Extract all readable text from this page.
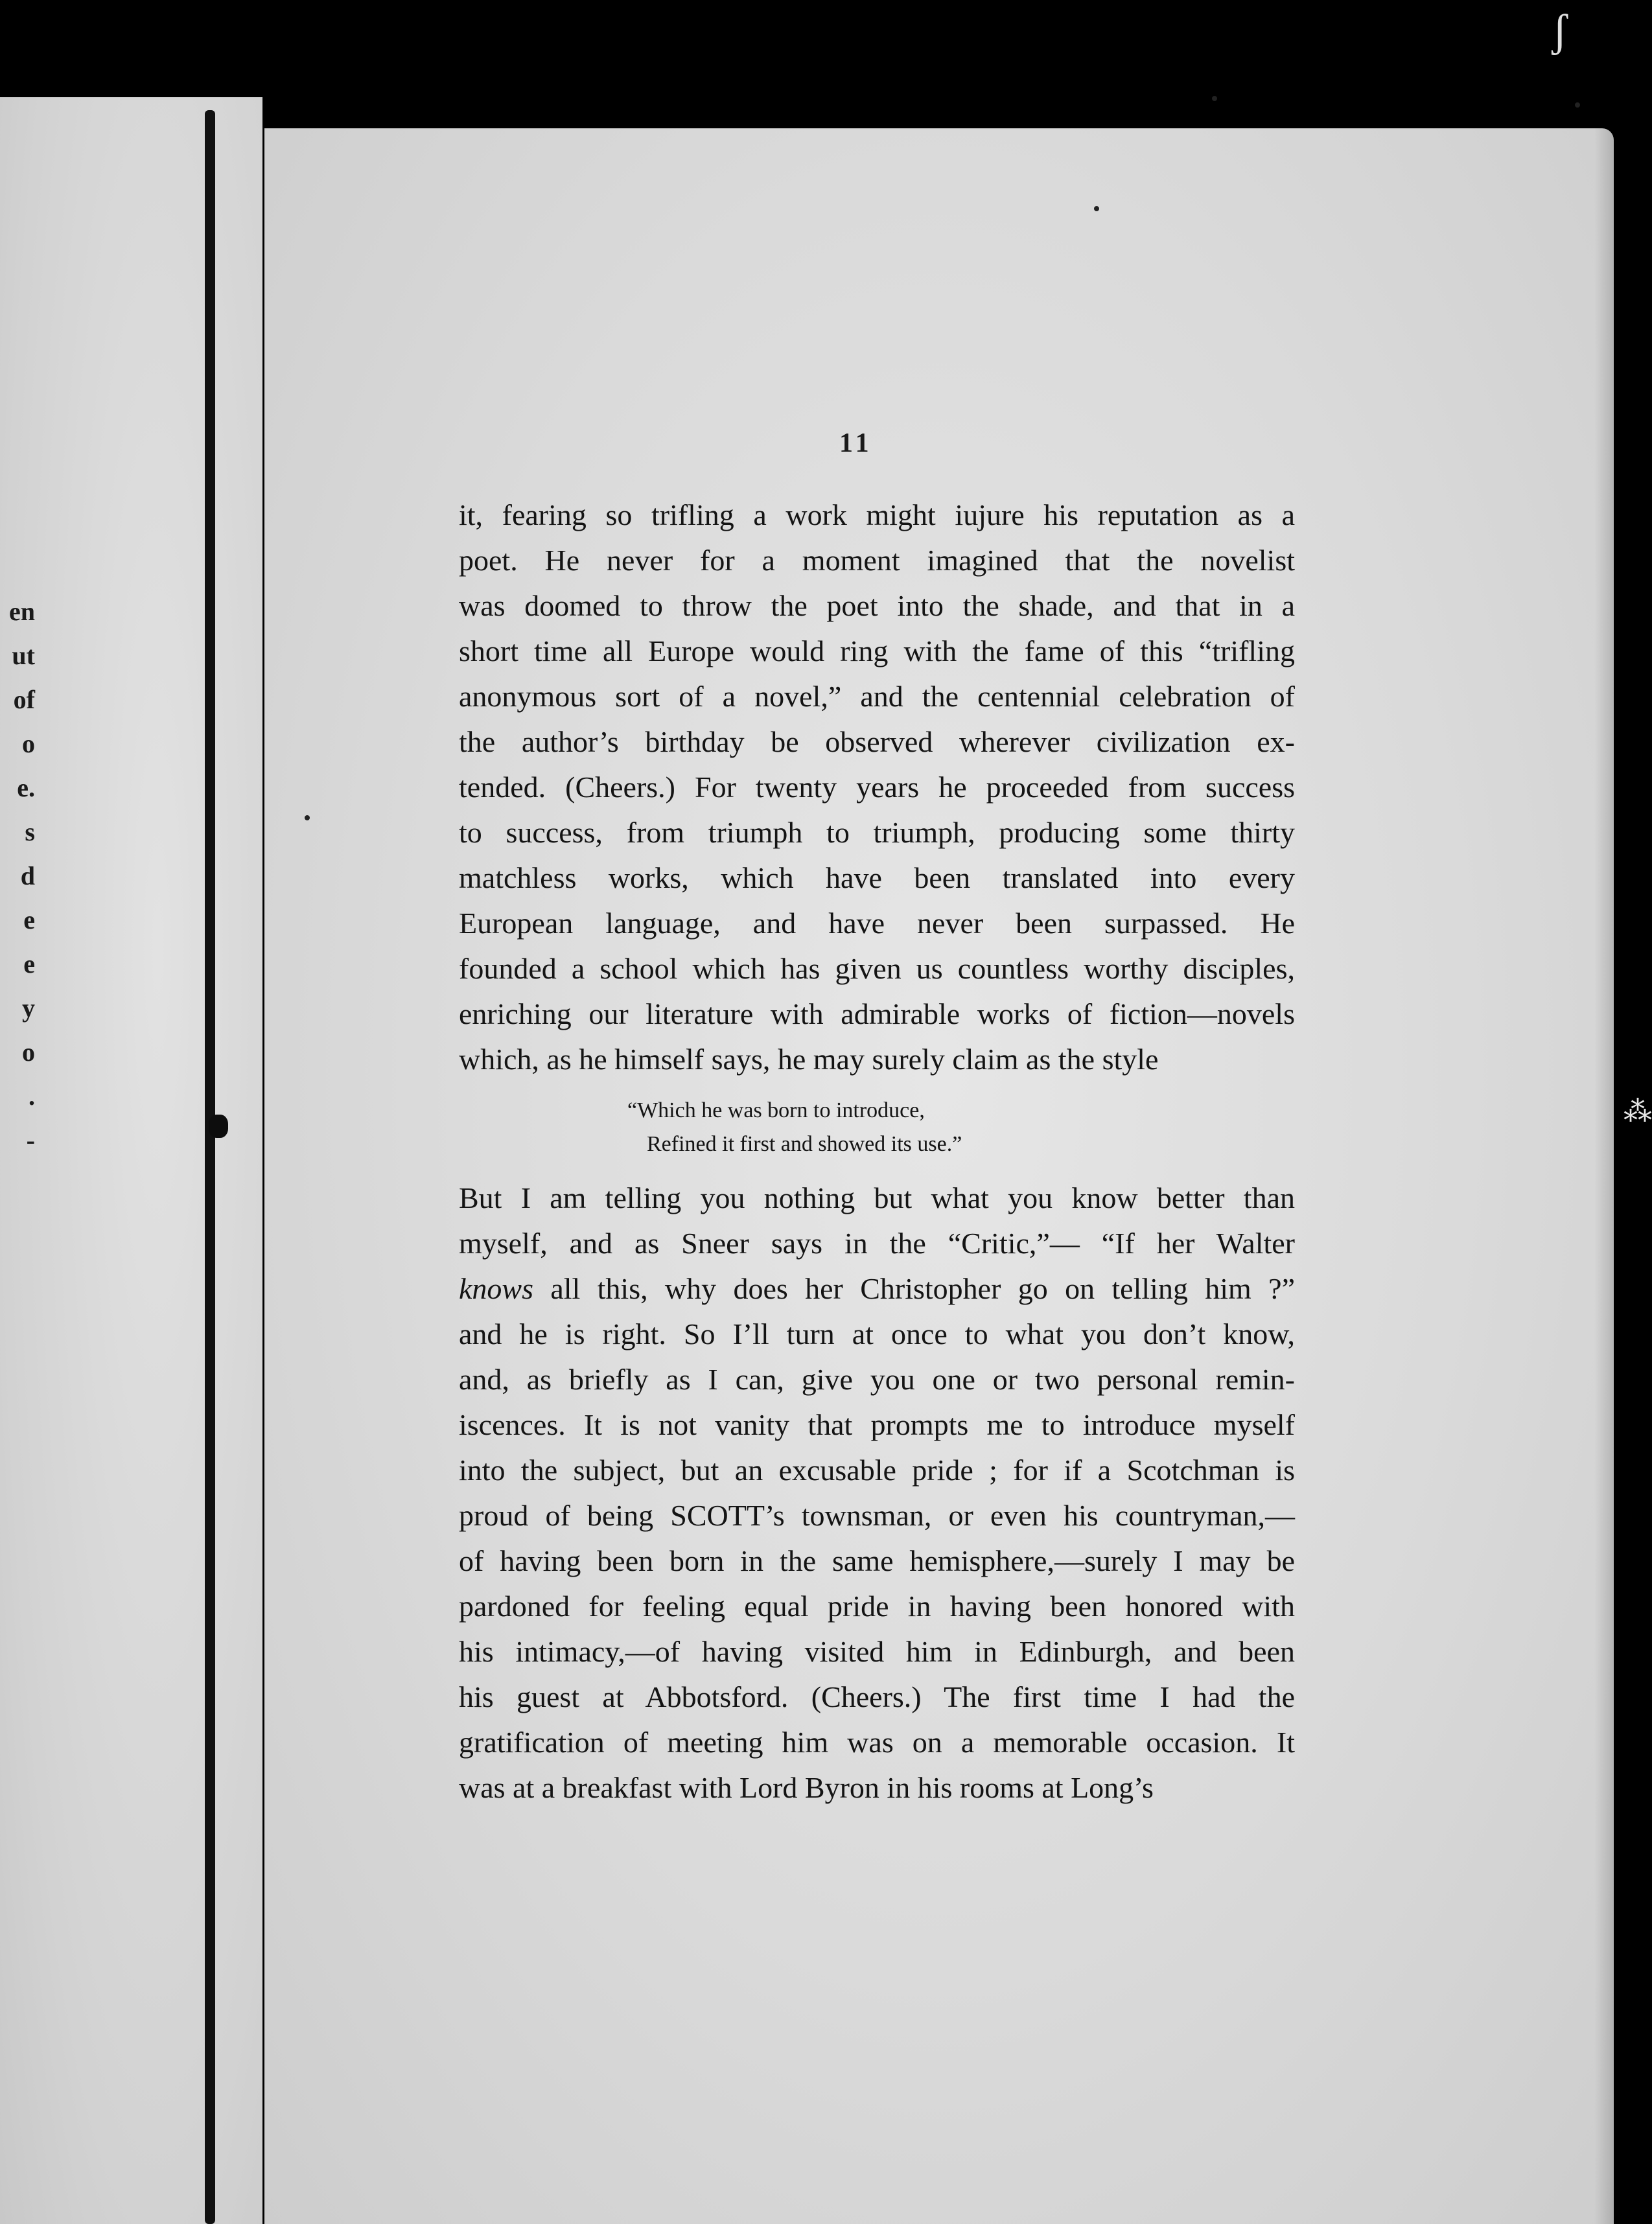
en
ut
of
o
e.
s
d
e
e
y
o
.
-
11
it, fearing so trifling a work might iujure his reputation as a
poet. He never for a moment imagined that the novelist
was doomed to throw the poet into the shade, and that in a
short time all Europe would ring with the fame of this “trifling
anonymous sort of a novel,” and the centennial celebration of
the author’s birthday be observed wherever civilization ex-
tended. (Cheers.) For twenty years he proceeded from success
to success, from triumph to triumph, producing some thirty
matchless works, which have been translated into every
European language, and have never been surpassed. He
founded a school which has given us countless worthy disciples,
enriching our literature with admirable works of fiction—novels
which, as he himself says, he may surely claim as the style
“Which he was born to introduce,
Refined it first and showed its use.”
But I am telling you nothing but what you know better than
myself, and as Sneer says in the “Critic,”— “If her Walter
knows all this, why does her Christopher go on telling him ?”
and he is right. So I’ll turn at once to what you don’t know,
and, as briefly as I can, give you one or two personal remin-
iscences. It is not vanity that prompts me to introduce myself
into the subject, but an excusable pride ; for if a Scotchman is
proud of being SCOTT’s townsman, or even his countryman,—
of having been born in the same hemisphere,—surely I may be
pardoned for feeling equal pride in having been honored with
his intimacy,—of having visited him in Edinburgh, and been
his guest at Abbotsford. (Cheers.) The first time I had the
gratification of meeting him was on a memorable occasion. It
was at a breakfast with Lord Byron in his rooms at Long’s
ʃ
⁂
